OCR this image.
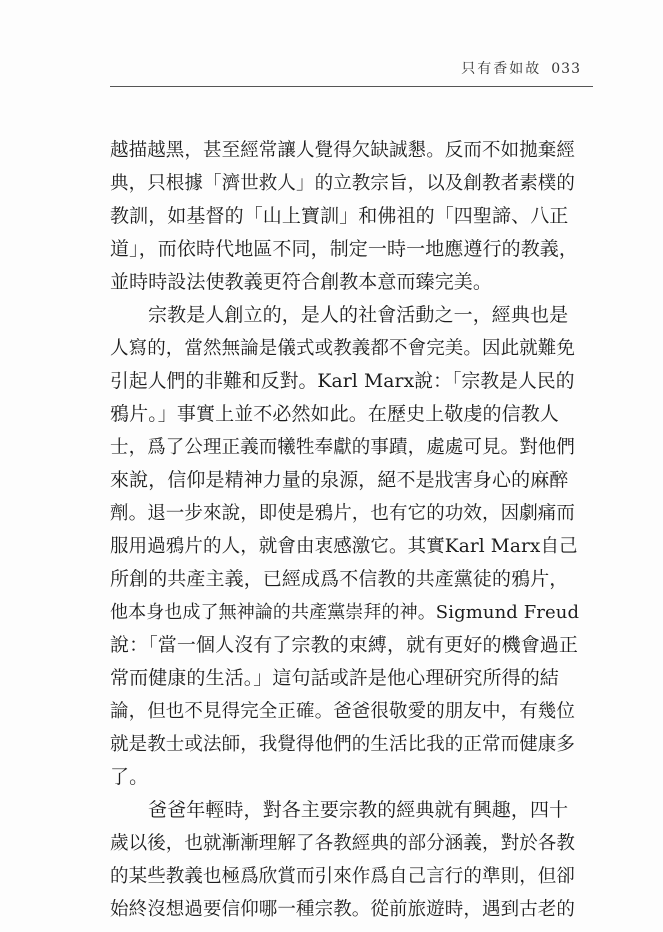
只有香如故 033
越描越黑，甚至經常讓人覺得欠缺誠懇。反而不如拋棄經
典，只根據「濟世救人」的立教宗旨，以及創教者素樸的
教訓，如基督的「山上寶訓」和佛祖的「四聖諦、八正
道」，而依時代地區不同，制定一時一地應遵行的教義，
並時時設法使教義更符合創教本意而臻完美。
宗教是人創立的，是人的社會活動之一，經典也是
人寫的，當然無論是儀式或教義都不會完美。因此就難免
引起人們的非難和反對。Karl Marx說：「宗教是人民的
鴉片。」事實上並不必然如此。在歷史上敬虔的信教人
士，爲了公理正義而犧牲奉獻的事蹟，處處可見。對他們
來說，信仰是精神力量的泉源，絕不是戕害身心的麻醉
劑。退一步來說，即使是鴉片，也有它的功效，因劇痛而
服用過鴉片的人，就會由衷感激它。其實Karl Marx自己
所創的共產主義，已經成爲不信教的共產黨徒的鴉片，
他本身也成了無神論的共產黨崇拜的神。Sigmund Freud
說：「當一個人沒有了宗教的束縛，就有更好的機會過正
常而健康的生活。」這句話或許是他心理研究所得的結
論，但也不見得完全正確。爸爸很敬愛的朋友中，有幾位
就是教士或法師，我覺得他們的生活比我的正常而健康多
了。
爸爸年輕時，對各主要宗教的經典就有興趣，四十
歲以後，也就漸漸理解了各教經典的部分涵義，對於各教
的某些教義也極爲欣賞而引來作爲自己言行的準則，但卻
始終沒想過要信仰哪一種宗教。從前旅遊時，遇到古老的
